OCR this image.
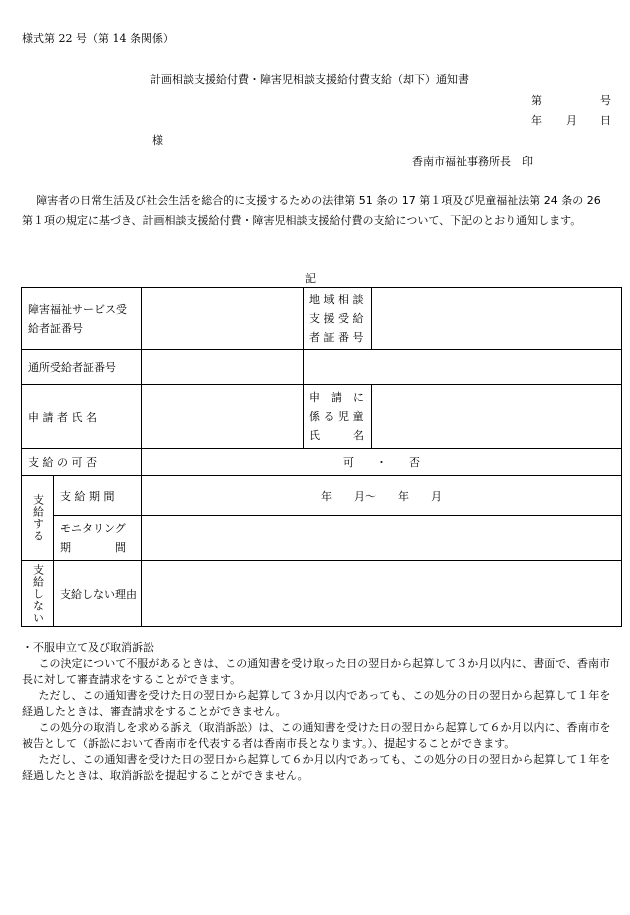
様式第 22 号（第 14 条関係）
計画相談支援給付費・障害児相談支援給付費支給（却下）通知書
第	号
年 月 日
様
香南市福祉事務所長　印
障害者の日常生活及び社会生活を総合的に支援するための法律第 51 条の 17 第１項及び児童福祉法第 24 条の 26 第１項の規定に基づき、計画相談支援給付費・障害児相談支援給付費の支給について、下記のとおり通知します。
記
障害福祉サービス受
給者証番号			地 域 相 談
支 援 受 給
者 証 番 号	

通所受給者証番号			

申 請 者 氏 名			申　請　に
係 る 児 童
氏　　　名	

支 給 の 可 否		可　　・　　否		

支給する	支 給 期 間	年　　月～　　年　　月		

	モニタリング
期　　　　間			

支給しない	支給しない理由			

・不服申立て及び取消訴訟

この決定について不服があるときは、この通知書を受け取った日の翌日から起算して３か月以内に、書面で、香南市長に対して審査請求をすることができます。

ただし、この通知書を受けた日の翌日から起算して３か月以内であっても、この処分の日の翌日から起算して１年を経過したときは、審査請求をすることができません。

この処分の取消しを求める訴え（取消訴訟）は、この通知書を受けた日の翌日から起算して６か月以内に、香南市を被告として（訴訟において香南市を代表する者は香南市長となります。）、提起することができます。

ただし、この通知書を受けた日の翌日から起算して６か月以内であっても、この処分の日の翌日から起算して１年を経過したときは、取消訴訟を提起することができません。
